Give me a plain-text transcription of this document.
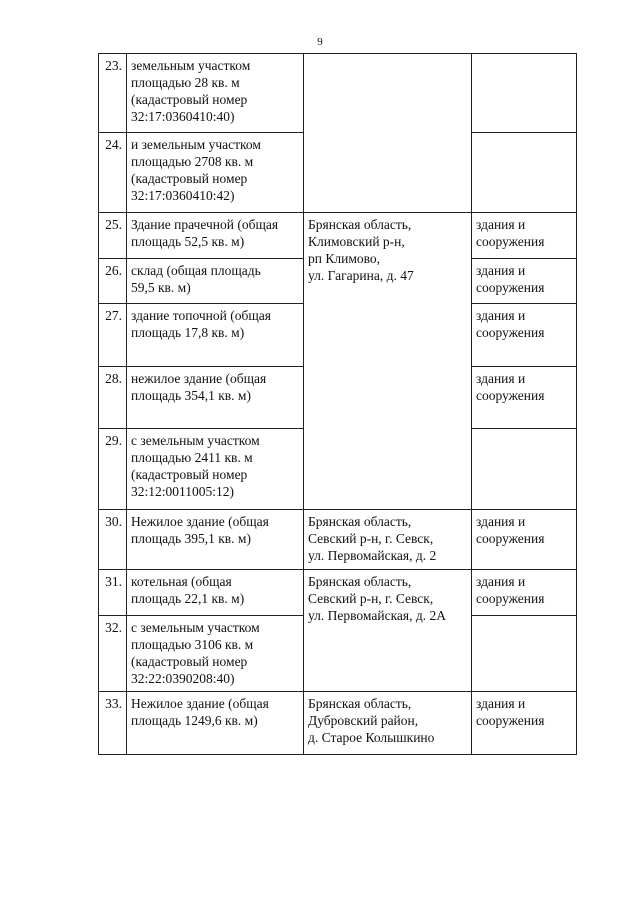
9
23.	земельным участком
площадью 28 кв. м
(кадастровый номер
32:17:0360410:40)		
24.	и земельным участком
площадью 2708 кв. м
(кадастровый номер
32:17:0360410:42)		
25.	Здание прачечной (общая
площадь 52,5 кв. м)	Брянская область,
Климовский р-н,
рп Климово,
ул. Гагарина, д. 47	здания и
сооружения
26.	склад (общая площадь
59,5 кв. м)		здания и
сооружения
27.	здание топочной (общая
площадь 17,8 кв. м)		здания и
сооружения
28.	нежилое здание (общая
площадь 354,1 кв. м)		здания и
сооружения
29.	с земельным участком
площадью 2411 кв. м
(кадастровый номер
32:12:0011005:12)		
30.	Нежилое здание (общая
площадь 395,1 кв. м)	Брянская область,
Севский р-н, г. Севск,
ул. Первомайская, д. 2	здания и
сооружения
31.	котельная (общая
площадь 22,1 кв. м)	Брянская область,
Севский р-н, г. Севск,
ул. Первомайская, д. 2А	здания и
сооружения
32.	с земельным участком
площадью 3106 кв. м
(кадастровый номер
32:22:0390208:40)		
33.	Нежилое здание (общая
площадь 1249,6 кв. м)	Брянская область,
Дубровский район,
д. Старое Колышкино	здания и
сооружения
